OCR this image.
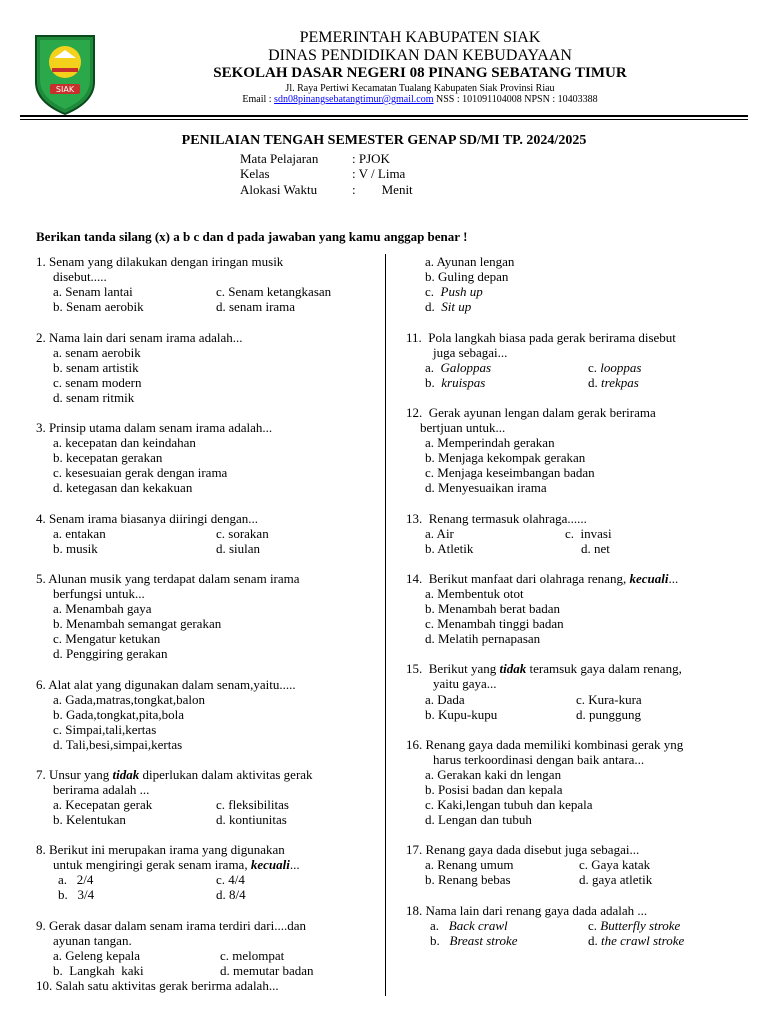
SIAK
PEMERINTAH KABUPATEN SIAK
DINAS PENDIDIKAN DAN KEBUDAYAAN
SEKOLAH DASAR NEGERI 08 PINANG SEBATANG TIMUR
Jl. Raya Pertiwi Kecamatan Tualang Kabupaten Siak Provinsi Riau
Email : sdn08pinangsebatangtimur@gmail.com NSS : 101091104008 NPSN : 10403388
PENILAIAN TENGAH SEMESTER GENAP SD/MI TP. 2024/2025
Mata Pelajaran	: PJOK
Kelas	: V / Lima
Alokasi Waktu	:        Menit
Berikan tanda silang (x) a b c dan d pada jawaban yang kamu anggap benar !
1. Senam yang dilakukan dengan iringan musik
disebut.....
a. Senam lantai	c. Senam ketangkasan
b. Senam aerobik	d. senam irama
2. Nama lain dari senam irama adalah...
a. senam aerobik
b. senam artistik
c. senam modern
d. senam ritmik
3. Prinsip utama dalam senam irama adalah...
a. kecepatan dan keindahan
b. kecepatan gerakan
c. kesesuaian gerak dengan irama
d. ketegasan dan kekakuan
4. Senam irama biasanya diiringi dengan...
a. entakan	c. sorakan
b. musik	d. siulan
5. Alunan musik yang terdapat dalam senam irama
berfungsi untuk...
a. Menambah gaya
b. Menambah semangat gerakan
c. Mengatur ketukan
d. Penggiring gerakan
6. Alat alat yang digunakan dalam senam,yaitu.....
a. Gada,matras,tongkat,balon
b. Gada,tongkat,pita,bola
c. Simpai,tali,kertas
d. Tali,besi,simpai,kertas
7. Unsur yang tidak diperlukan dalam aktivitas gerak
berirama adalah ...
a. Kecepatan gerak	c. fleksibilitas
b. Kelentukan	d. kontiunitas
8. Berikut ini merupakan irama yang digunakan
untuk mengiringi gerak senam irama, kecuali...
a.   2/4	c. 4/4
b.   3/4	d. 8/4
9. Gerak dasar dalam senam irama terdiri dari....dan
ayunan tangan.
a. Geleng kepala	c. melompat
b.  Langkah  kaki	d. memutar badan
10. Salah satu aktivitas gerak berirma adalah...
a. Ayunan lengan
b. Guling depan
c.  Push up
d.  Sit up
11.  Pola langkah biasa pada gerak berirama disebut
juga sebagai...
a.  Galoppas	c. looppas
b.  kruispas	d. trekpas
12.  Gerak ayunan lengan dalam gerak berirama
bertjuan untuk...
a. Memperindah gerakan
b. Menjaga kekompak gerakan
c. Menjaga keseimbangan badan
d. Menyesuaikan irama
13.  Renang termasuk olahraga......
a. Air	c.  invasi
b. Atletik	d. net
14.  Berikut manfaat dari olahraga renang, kecuali...
a. Membentuk otot
b. Menambah berat badan
c. Menambah tinggi badan
d. Melatih pernapasan
15.  Berikut yang tidak teramsuk gaya dalam renang,
yaitu gaya...
a. Dada	c. Kura-kura
b. Kupu-kupu	d. punggung
16. Renang gaya dada memiliki kombinasi gerak yng
harus terkoordinasi dengan baik antara...
a. Gerakan kaki dn lengan
b. Posisi badan dan kepala
c. Kaki,lengan tubuh dan kepala
d. Lengan dan tubuh
17. Renang gaya dada disebut juga sebagai...
a. Renang umum	c. Gaya katak
b. Renang bebas	d. gaya atletik
18. Nama lain dari renang gaya dada adalah ...
a.   Back crawl	c. Butterfly stroke
b.   Breast stroke	d. the crawl stroke
